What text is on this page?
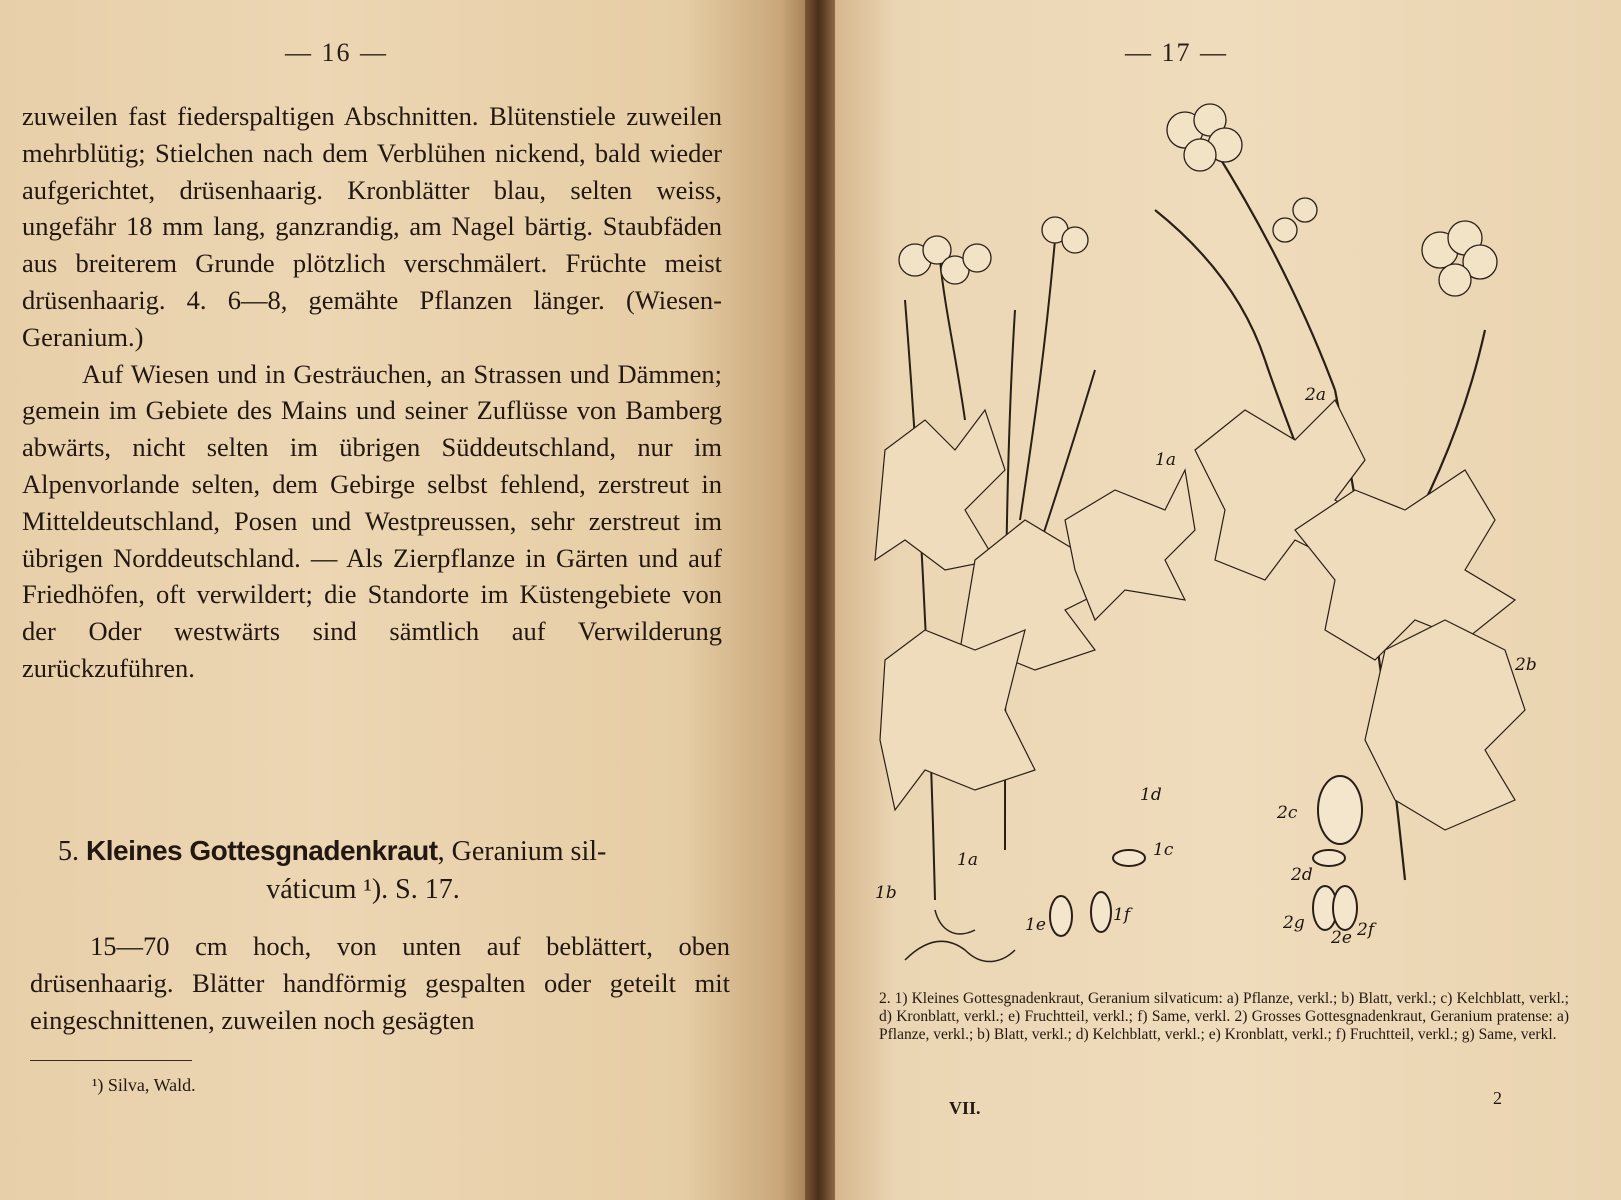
— 16 —

zuweilen fast fiederspaltigen Abschnitten. Blütenstiele zuweilen mehrblütig; Stielchen nach dem Verblühen nickend, bald wieder aufgerichtet, drüsenhaarig. Kronblätter blau, selten weiss, ungefähr 18 mm lang, ganzrandig, am Nagel bärtig. Staubfäden aus breiterem Grunde plötzlich verschmälert. Früchte meist drüsenhaarig. 4. 6—8, gemähte Pflanzen länger. (Wiesen-Geranium.)

Auf Wiesen und in Gesträuchen, an Strassen und Dämmen; gemein im Gebiete des Mains und seiner Zuflüsse von Bamberg abwärts, nicht selten im übrigen Süddeutschland, nur im Alpenvorlande selten, dem Gebirge selbst fehlend, zerstreut in Mitteldeutschland, Posen und Westpreussen, sehr zerstreut im übrigen Norddeutschland. — Als Zierpflanze in Gärten und auf Friedhöfen, oft verwildert; die Standorte im Küstengebiete von der Oder westwärts sind sämtlich auf Verwilderung zurückzuführen.

5. Kleines Gottesgnadenkraut, Geranium sil-
váticum ¹). S. 17.

15—70 cm hoch, von unten auf beblättert, oben drüsenhaarig. Blätter handförmig gespalten oder geteilt mit eingeschnittenen, zuweilen noch gesägten

¹) Silva, Wald.
— 17 —
1a
1a
1b
1c
1d
1e	1f
2a
2b
2c
2d
2e 2f
2g
2. 1) Kleines Gottesgnadenkraut, Geranium silvaticum: a) Pflanze, verkl.; b) Blatt, verkl.; c) Kelchblatt, verkl.; d) Kronblatt, verkl.; e) Fruchtteil, verkl.; f) Same, verkl. 2) Grosses Gottesgnadenkraut, Geranium pratense: a) Pflanze, verkl.; b) Blatt, verkl.; d) Kelchblatt, verkl.; e) Kronblatt, verkl.; f) Fruchtteil, verkl.; g) Same, verkl.
VII.	2
